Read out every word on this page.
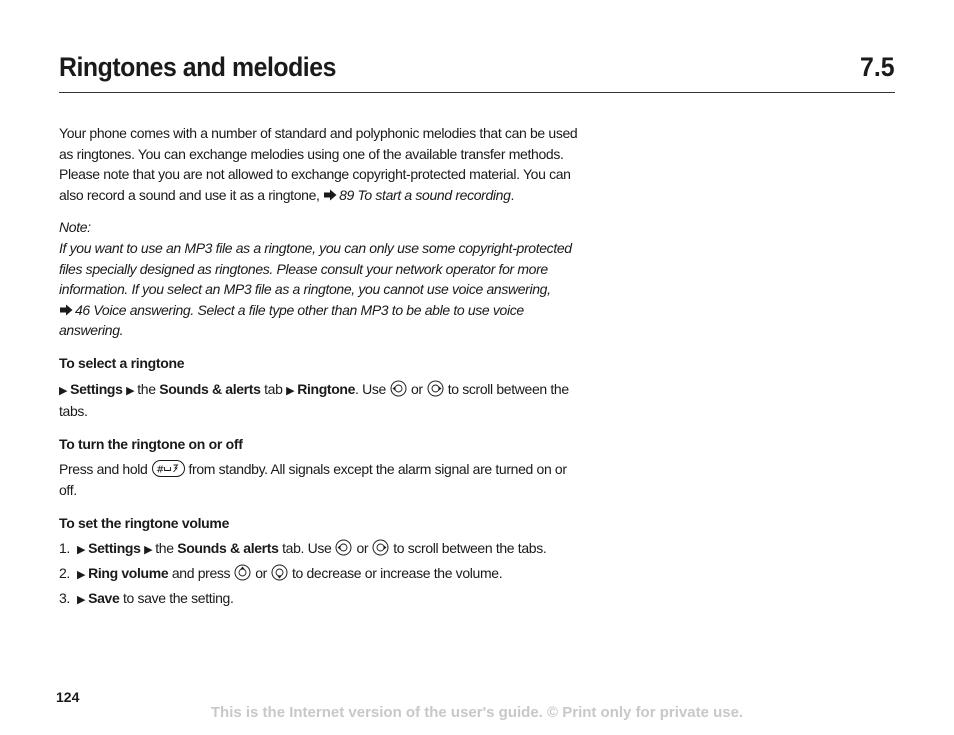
Ringtones and melodies	7.5

Your phone comes with a number of standard and polyphonic melodies that can be used as ringtones. You can exchange melodies using one of the available transfer methods. Please note that you are not allowed to exchange copyright-protected material. You can also record a sound and use it as a ringtone, 89 To start a sound recording.

Note:
If you want to use an MP3 file as a ringtone, you can only use some copyright-protected files specially designed as ringtones. Please consult your network operator for more information. If you select an MP3 file as a ringtone, you cannot use voice answering,
46 Voice answering. Select a file type other than MP3 to be able to use voice answering.

To select a ringtone

▶ Settings ▶ the Sounds & alerts tab ▶ Ringtone. Use or to scroll between the tabs.

To turn the ringtone on or off

Press and hold # from standby. All signals except the alarm signal are turned on or off.

To set the ringtone volume

1. ▶ Settings ▶ the Sounds & alerts tab. Use or to scroll between the tabs.
2. ▶ Ring volume and press or to decrease or increase the volume.
3. ▶ Save to save the setting.
124
This is the Internet version of the user's guide. © Print only for private use.
